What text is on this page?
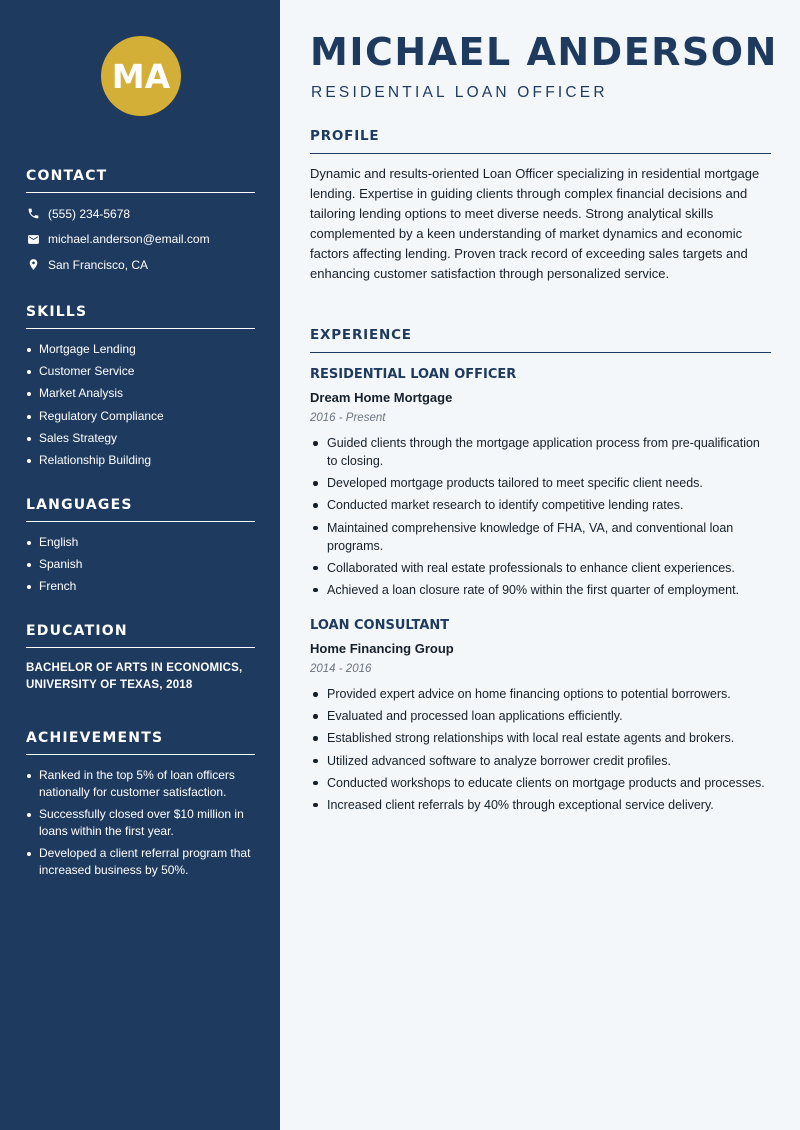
MA
CONTACT
(555) 234-5678
michael.anderson@email.com
San Francisco, CA
SKILLS
Mortgage Lending
Customer Service
Market Analysis
Regulatory Compliance
Sales Strategy
Relationship Building
LANGUAGES
English
Spanish
French
EDUCATION
BACHELOR OF ARTS IN ECONOMICS,
UNIVERSITY OF TEXAS, 2018
ACHIEVEMENTS
Ranked in the top 5% of loan officers nationally for customer satisfaction.
Successfully closed over $10 million in loans within the first year.
Developed a client referral program that increased business by 50%.
MICHAEL ANDERSON
RESIDENTIAL LOAN OFFICER
PROFILE

Dynamic and results-oriented Loan Officer specializing in residential mortgage lending. Expertise in guiding clients through complex financial decisions and tailoring lending options to meet diverse needs. Strong analytical skills complemented by a keen understanding of market dynamics and economic factors affecting lending. Proven track record of exceeding sales targets and enhancing customer satisfaction through personalized service.

EXPERIENCE
RESIDENTIAL LOAN OFFICER
Dream Home Mortgage
2016 - Present
Guided clients through the mortgage application process from pre-qualification to closing.
Developed mortgage products tailored to meet specific client needs.
Conducted market research to identify competitive lending rates.
Maintained comprehensive knowledge of FHA, VA, and conventional loan programs.
Collaborated with real estate professionals to enhance client experiences.
Achieved a loan closure rate of 90% within the first quarter of employment.
LOAN CONSULTANT
Home Financing Group
2014 - 2016
Provided expert advice on home financing options to potential borrowers.
Evaluated and processed loan applications efficiently.
Established strong relationships with local real estate agents and brokers.
Utilized advanced software to analyze borrower credit profiles.
Conducted workshops to educate clients on mortgage products and processes.
Increased client referrals by 40% through exceptional service delivery.
